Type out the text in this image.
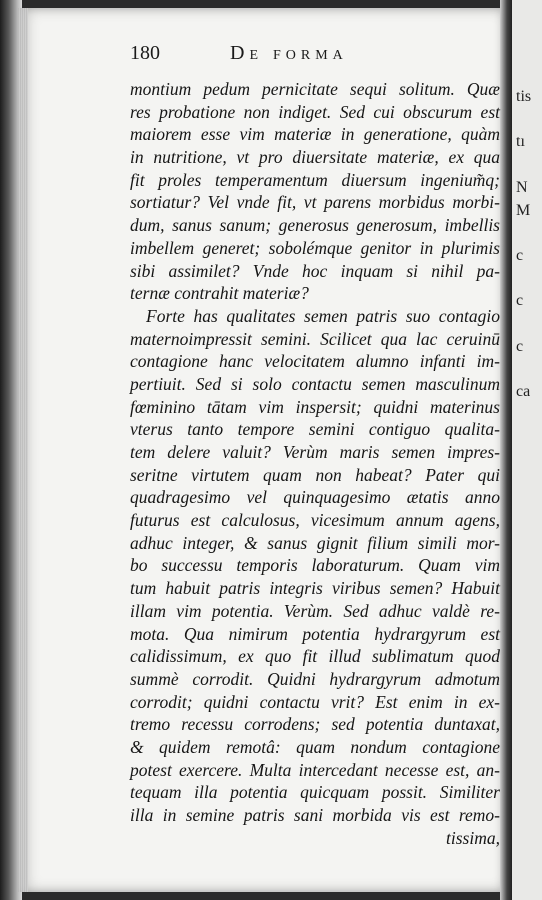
tis
tı
N
M
c
c
c
ca
180	De forma
montium pedum pernicitate sequi solitum. Quæ
res probatione non indiget. Sed cui obscurum est
maiorem esse vim materiæ in generatione, quàm
in nutritione, vt pro diuersitate materiæ, ex qua
fit proles temperamentum diuersum ingenium̃q;
sortiatur? Vel vnde fit, vt parens morbidus morbi-
dum, sanus sanum; generosus generosum, imbellis
imbellem generet; sobolémque genitor in plurimis
sibi assimilet? Vnde hoc inquam si nihil pa-
ternæ contrahit materiæ?
Forte has qualitates semen patris suo contagio
maternoimpressit semini. Scilicet qua lac ceruinū
contagione hanc velocitatem alumno infanti im-
pertiuit. Sed si solo contactu semen masculinum
fœminino tātam vim inspersit; quidni materinus
vterus tanto tempore semini contiguo qualita-
tem delere valuit? Verùm maris semen impres-
seritne virtutem quam non habeat? Pater qui
quadragesimo vel quinquagesimo ætatis anno
futurus est calculosus, vicesimum annum agens,
adhuc integer, & sanus gignit filium simili mor-
bo successu temporis laboraturum. Quam vim
tum habuit patris integris viribus semen? Habuit
illam vim potentia. Verùm. Sed adhuc valdè re-
mota. Qua nimirum potentia hydrargyrum est
calidissimum, ex quo fit illud sublimatum quod
summè corrodit. Quidni hydrargyrum admotum
corrodit; quidni contactu vrit? Est enim in ex-
tremo recessu corrodens; sed potentia duntaxat,
& quidem remotâ: quam nondum contagione
potest exercere. Multa intercedant necesse est, an-
tequam illa potentia quicquam possit. Similiter
illa in semine patris sani morbida vis est remo-
tissima,
